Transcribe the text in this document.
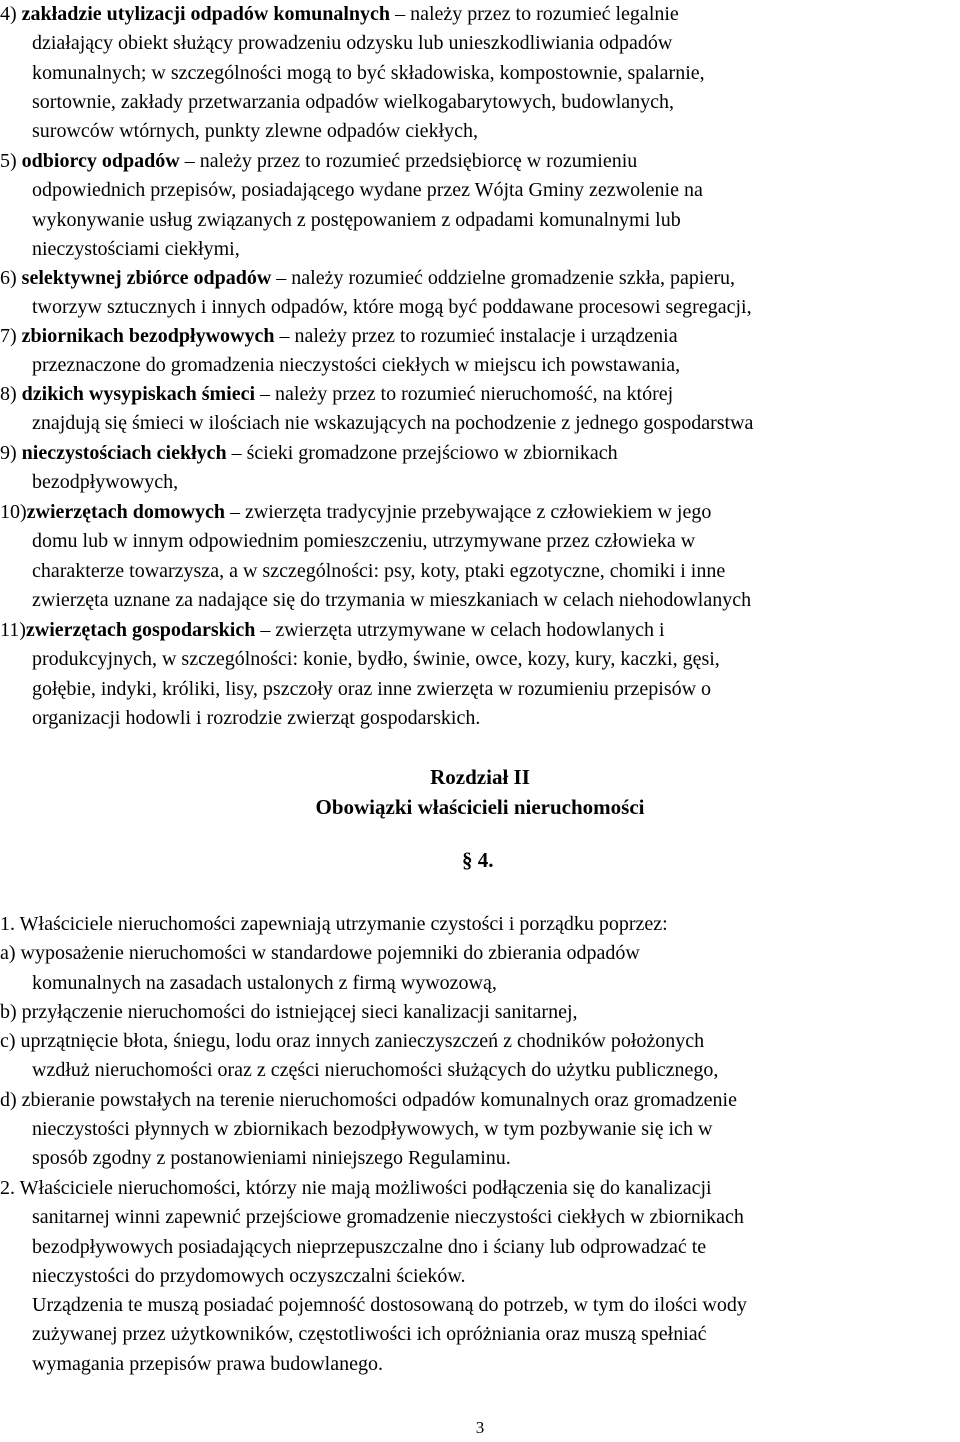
4) zakładzie utylizacji odpadów komunalnych – należy przez to rozumieć legalnie

działający obiekt służący prowadzeniu odzysku lub unieszkodliwiania odpadów
komunalnych; w szczególności mogą to być składowiska, kompostownie, spalarnie,
sortownie, zakłady przetwarzania odpadów wielkogabarytowych, budowlanych,
surowców wtórnych, punkty zlewne odpadów ciekłych,

5) odbiorcy odpadów – należy przez to rozumieć przedsiębiorcę w rozumieniu

odpowiednich przepisów, posiadającego wydane przez Wójta Gminy zezwolenie na
wykonywanie usług związanych z postępowaniem z odpadami komunalnymi lub
nieczystościami ciekłymi,

6) selektywnej zbiórce odpadów – należy rozumieć oddzielne gromadzenie szkła, papieru,

tworzyw sztucznych i innych odpadów, które mogą być poddawane procesowi segregacji,

7) zbiornikach bezodpływowych – należy przez to rozumieć instalacje i urządzenia

przeznaczone do gromadzenia nieczystości ciekłych w miejscu ich powstawania,

8) dzikich wysypiskach śmieci – należy przez to rozumieć nieruchomość, na której

znajdują się śmieci w ilościach nie wskazujących na pochodzenie z jednego gospodarstwa

9) nieczystościach ciekłych – ścieki gromadzone przejściowo w zbiornikach

bezodpływowych,

10)zwierzętach domowych – zwierzęta tradycyjnie przebywające z człowiekiem w jego

domu lub w innym odpowiednim pomieszczeniu, utrzymywane przez człowieka w
charakterze towarzysza, a w szczególności: psy, koty, ptaki egzotyczne, chomiki i inne
zwierzęta uznane za nadające się do trzymania w mieszkaniach w celach niehodowlanych

11)zwierzętach gospodarskich – zwierzęta utrzymywane w celach hodowlanych i

produkcyjnych, w szczególności: konie, bydło, świnie, owce, kozy, kury, kaczki, gęsi,
gołębie, indyki, króliki, lisy, pszczoły oraz inne zwierzęta w rozumieniu przepisów o
organizacji hodowli i rozrodzie zwierząt gospodarskich.
Rozdział II
Obowiązki właścicieli nieruchomości
§ 4.

1. Właściciele nieruchomości zapewniają utrzymanie czystości i porządku poprzez:

a) wyposażenie nieruchomości w standardowe pojemniki do zbierania odpadów

komunalnych na zasadach ustalonych z firmą wywozową,

b) przyłączenie nieruchomości do istniejącej sieci kanalizacji sanitarnej,

c) uprzątnięcie błota, śniegu, lodu oraz innych zanieczyszczeń z chodników położonych

wzdłuż nieruchomości oraz z części nieruchomości służących do użytku publicznego,

d) zbieranie powstałych na terenie nieruchomości odpadów komunalnych oraz gromadzenie

nieczystości płynnych w zbiornikach bezodpływowych, w tym pozbywanie się ich w

sposób zgodny z postanowieniami niniejszego Regulaminu.

2. Właściciele nieruchomości, którzy nie mają możliwości podłączenia się do kanalizacji

sanitarnej winni zapewnić przejściowe gromadzenie nieczystości ciekłych w zbiornikach

bezodpływowych posiadających nieprzepuszczalne dno i ściany lub odprowadzać te

nieczystości do przydomowych oczyszczalni ścieków.

Urządzenia te muszą posiadać pojemność dostosowaną do potrzeb, w tym do ilości wody

zużywanej przez użytkowników, częstotliwości ich opróżniania oraz muszą spełniać

wymagania przepisów prawa budowlanego.

3
